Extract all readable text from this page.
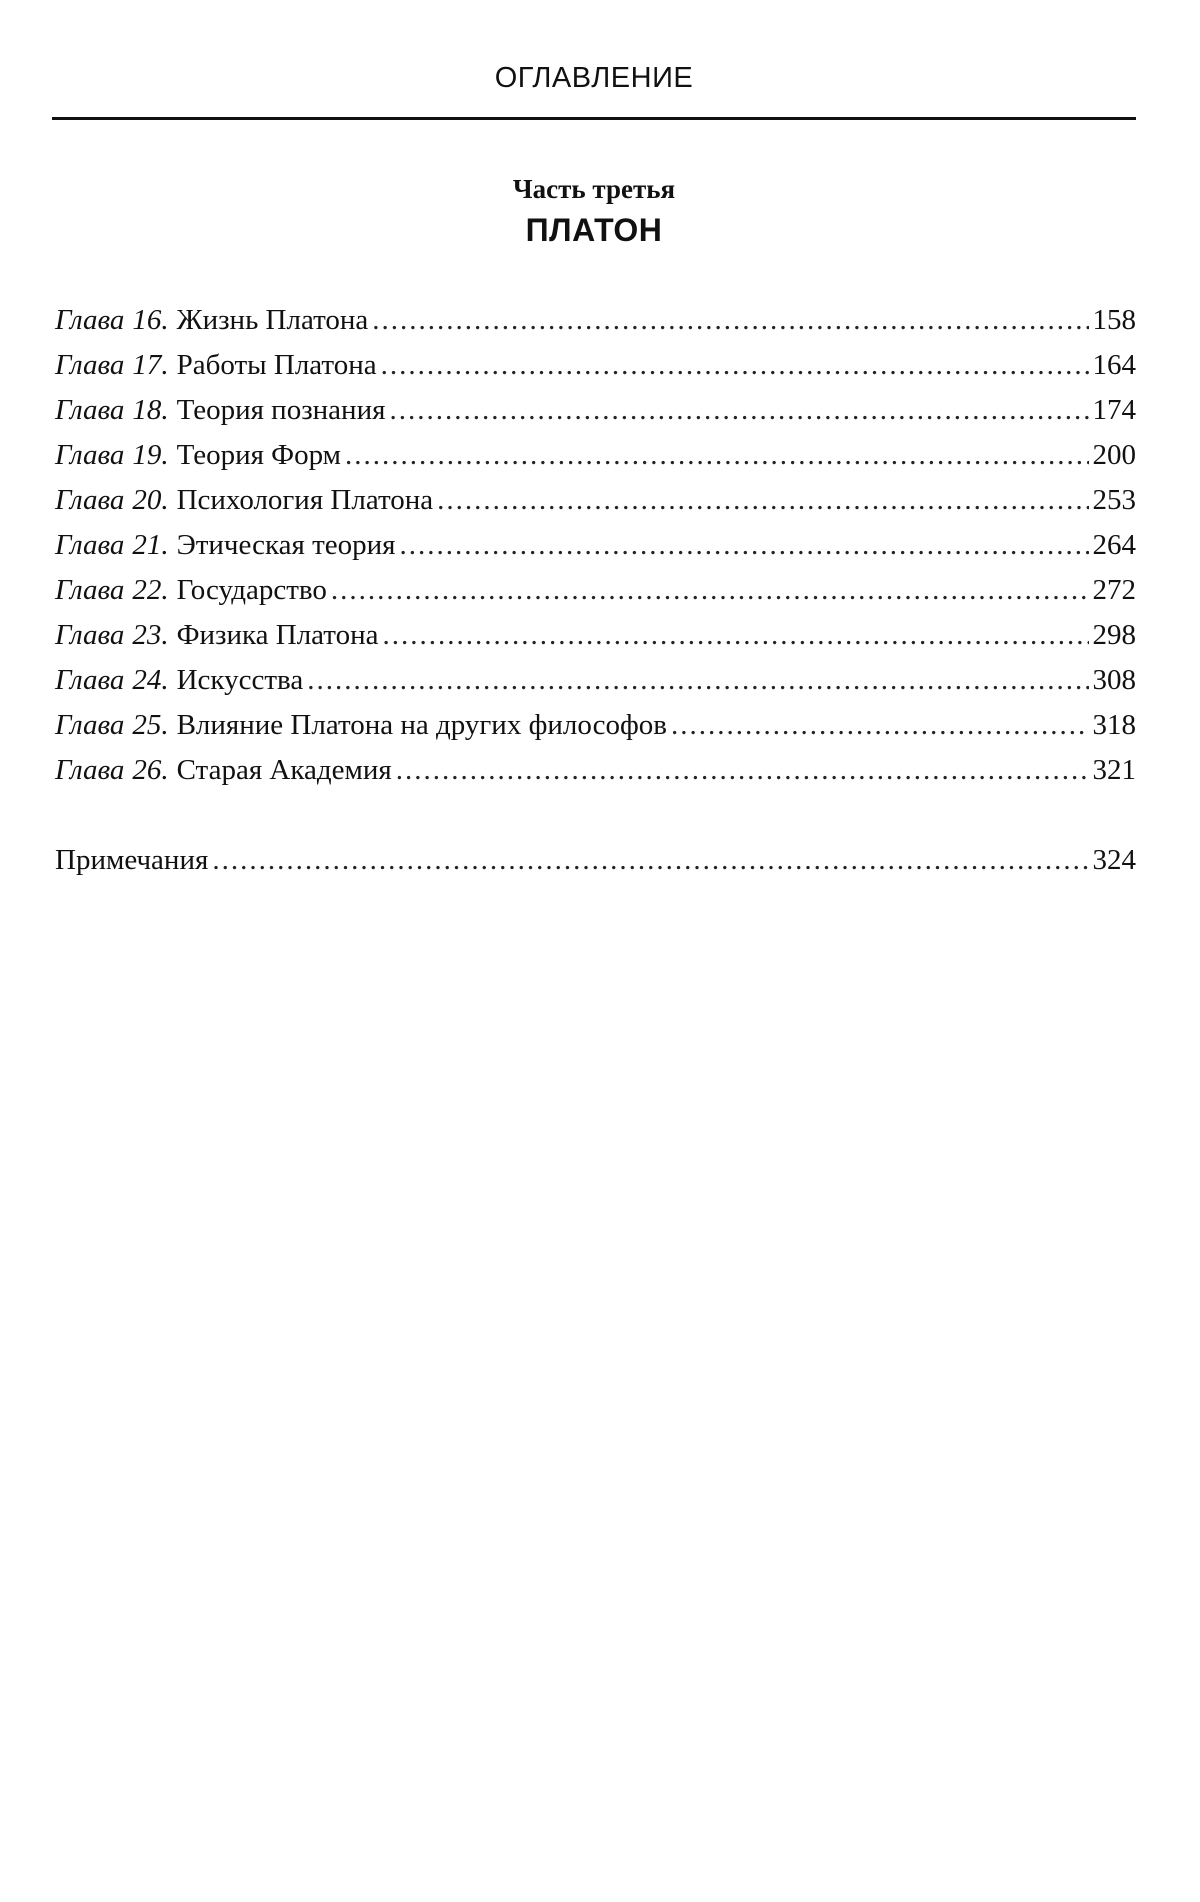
ОГЛАВЛЕНИЕ
Часть третья
ПЛАТОН
Глава 16. Жизнь Платона .....	158
Глава 17. Работы Платона .....	164
Глава 18. Теория познания .....	174
Глава 19. Теория Форм .....	200
Глава 20. Психология Платона .....	253
Глава 21. Этическая теория .....	264
Глава 22. Государство .....	272
Глава 23. Физика Платона .....	298
Глава 24. Искусства .....	308
Глава 25. Влияние Платона на других философов .....	318
Глава 26. Старая Академия .....	321
Примечания .....	324
